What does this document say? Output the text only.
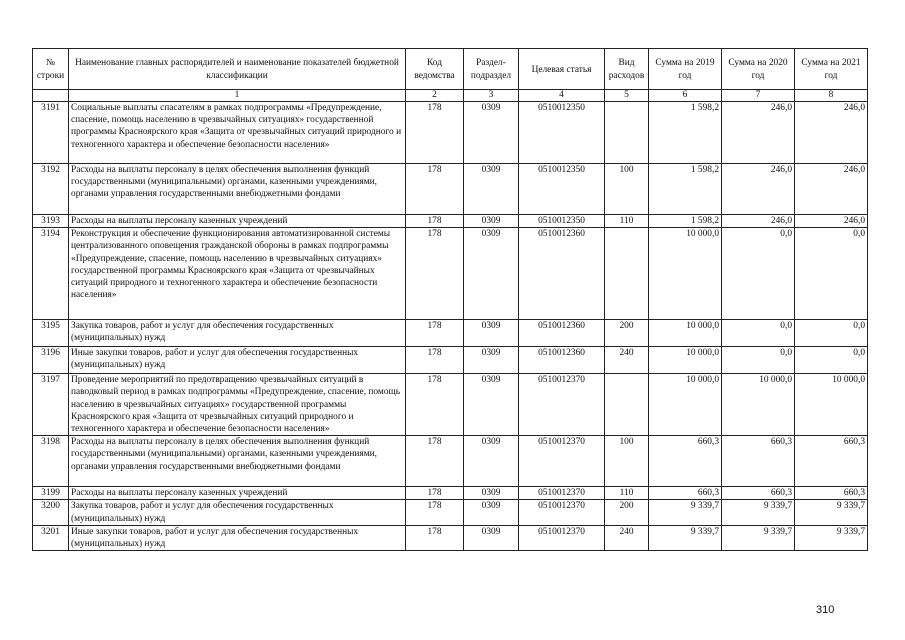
№ строки	Наименование главных распорядителей и наименование показателей бюджетной классификации	Код ведомства	Раздел-подраздел	Целевая статья	Вид расходов	Сумма на 2019 год	Сумма на 2020 год	Сумма на 2021 год
	1	2	3	4	5	6	7	8
3191	Социальные выплаты спасателям в рамках подпрограммы «Предупреждение, спасение, помощь населению в чрезвычайных ситуациях» государственной программы Красноярского края «Защита от чрезвычайных ситуаций природного и техногенного характера и обеспечение безопасности населения»	178	0309	0510012350		1 598,2	246,0	246,0
3192	Расходы на выплаты персоналу в целях обеспечения выполнения функций государственными (муниципальными) органами, казенными учреждениями, органами управления государственными внебюджетными фондами	178	0309	0510012350	100	1 598,2	246,0	246,0
3193	Расходы на выплаты персоналу казенных учреждений	178	0309	0510012350	110	1 598,2	246,0	246,0
3194	Реконструкция и обеспечение функционирования автоматизированной системы централизованного оповещения гражданской обороны в рамках подпрограммы «Предупреждение, спасение, помощь населению в чрезвычайных ситуациях» государственной программы Красноярского края «Защита от чрезвычайных ситуаций природного и техногенного характера и обеспечение безопасности населения»	178	0309	0510012360		10 000,0	0,0	0,0
3195	Закупка товаров, работ и услуг для обеспечения государственных (муниципальных) нужд	178	0309	0510012360	200	10 000,0	0,0	0,0
3196	Иные закупки товаров, работ и услуг для обеспечения государственных (муниципальных) нужд	178	0309	0510012360	240	10 000,0	0,0	0,0
3197	Проведение мероприятий по предотвращению чрезвычайных ситуаций в паводковый период в рамках подпрограммы «Предупреждение, спасение, помощь населению в чрезвычайных ситуациях» государственной программы Красноярского края «Защита от чрезвычайных ситуаций природного и техногенного характера и обеспечение безопасности населения»	178	0309	0510012370		10 000,0	10 000,0	10 000,0
3198	Расходы на выплаты персоналу в целях обеспечения выполнения функций государственными (муниципальными) органами, казенными учреждениями, органами управления государственными внебюджетными фондами	178	0309	0510012370	100	660,3	660,3	660,3
3199	Расходы на выплаты персоналу казенных учреждений	178	0309	0510012370	110	660,3	660,3	660,3
3200	Закупка товаров, работ и услуг для обеспечения государственных (муниципальных) нужд	178	0309	0510012370	200	9 339,7	9 339,7	9 339,7
3201	Иные закупки товаров, работ и услуг для обеспечения государственных (муниципальных) нужд	178	0309	0510012370	240	9 339,7	9 339,7	9 339,7
310
